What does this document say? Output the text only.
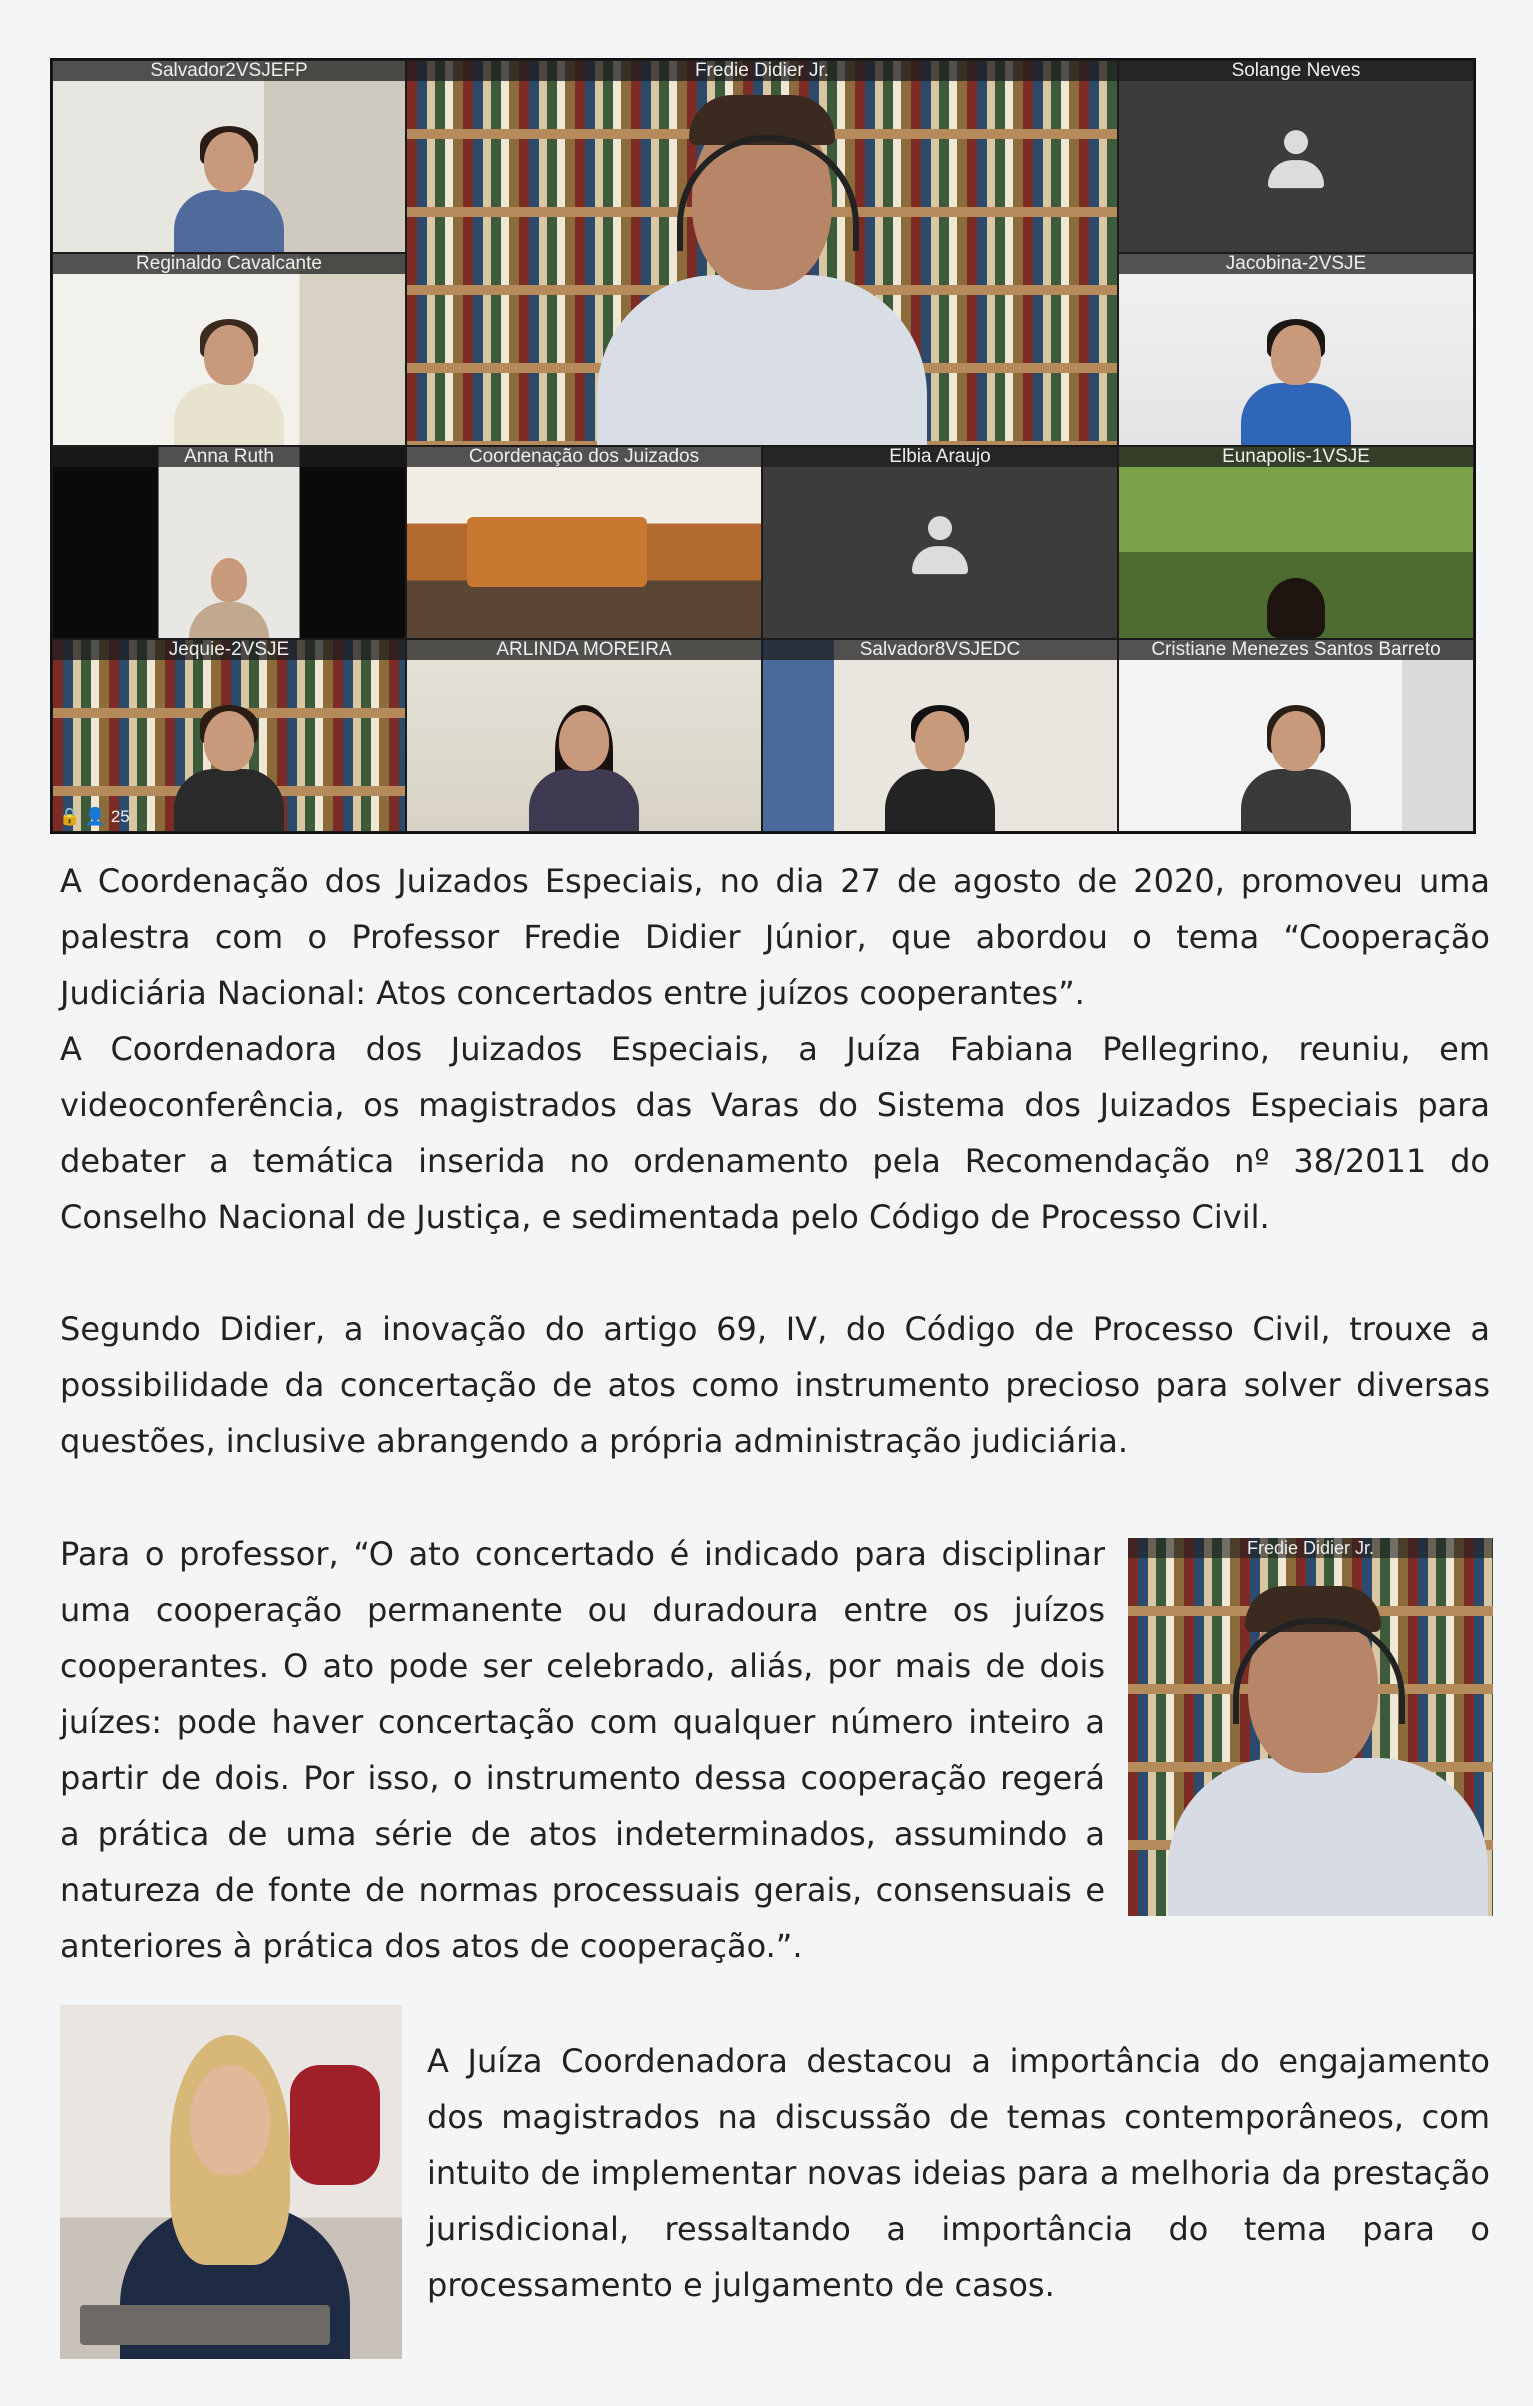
Salvador2VSJEFP	Fredie Didier Jr.	Solange Neves
Reginaldo Cavalcante	Jacobina-2VSJE
Anna Ruth	Coordenação dos Juizados	Elbia Araujo	Eunapolis-1VSJE
Jequie-2VSJE
🔒 👤 25
ARLINDA MOREIRA	Salvador8VSJEDC	Cristiane Menezes Santos Barreto

A Coordenação dos Juizados Especiais, no dia 27 de agosto de 2020, promoveu uma palestra com o Professor Fredie Didier Júnior, que abordou o tema “Cooperação Judiciária Nacional: Atos concertados entre juízos cooperantes”.

A Coordenadora dos Juizados Especiais, a Juíza Fabiana Pellegrino, reuniu, em videoconferência, os magistrados das Varas do Sistema dos Juizados Especiais para debater a temática inserida no ordenamento pela Recomendação nº 38/2011 do Conselho Nacional de Justiça, e sedimentada pelo Código de Processo Civil.

Segundo Didier, a inovação do artigo 69, IV, do Código de Processo Civil, trouxe a possibilidade da concertação de atos como instrumento precioso para solver diversas questões, inclusive abrangendo a própria administração judiciária.

Para o professor, “O ato concertado é indicado para disciplinar uma cooperação permanente ou duradoura entre os juízos cooperantes. O ato pode ser celebrado, aliás, por mais de dois juízes: pode haver concertação com qualquer número inteiro a partir de dois. Por isso, o instrumento dessa cooperação regerá a prática de uma série de atos indeterminados, assumindo a natureza de fonte de normas processuais gerais, consensuais e anteriores à prática dos atos de cooperação.”.

Fredie Didier Jr.

A Juíza Coordenadora destacou a importância do engajamento dos magistrados na discussão de temas contemporâneos, com intuito de implementar novas ideias para a melhoria da prestação jurisdicional, ressaltando a importância do tema para o processamento e julgamento de casos.
